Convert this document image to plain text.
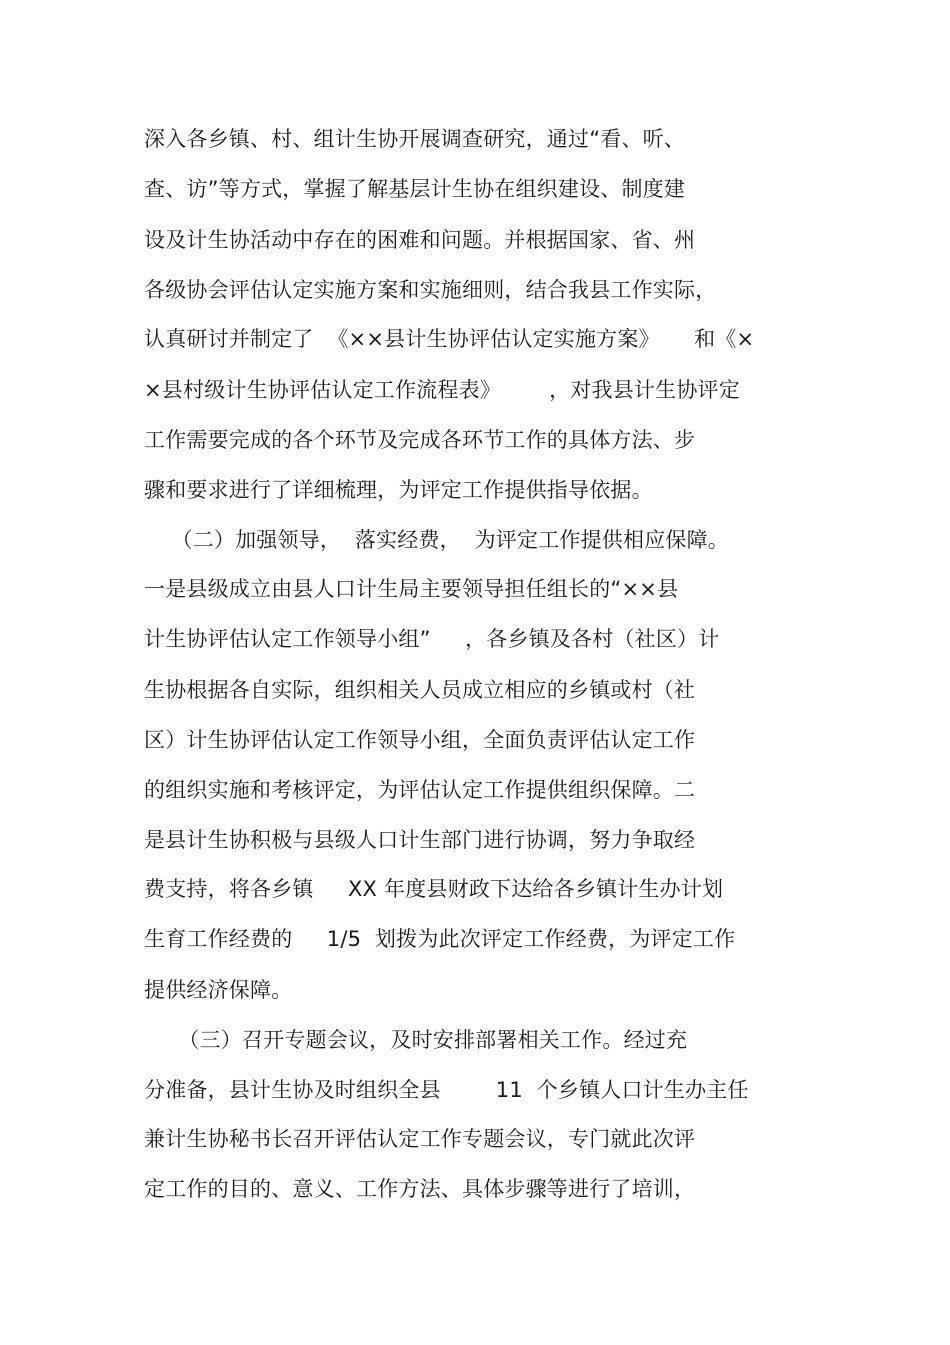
深入各乡镇、村、组计生协开展调查研究，通过“看、听、
查、访”等方式，掌握了解基层计生协在组织建设、制度建
设及计生协活动中存在的困难和问题。并根据国家、省、州
各级协会评估认定实施方案和实施细则，结合我县工作实际，
认真研讨并制定了  《××县计生协评估认定实施方案》     和《×
×县村级计生协评估认定工作流程表》       ，对我县计生协评定
工作需要完成的各个环节及完成各环节工作的具体方法、步
骤和要求进行了详细梳理，为评定工作提供指导依据。
（二）加强领导，  落实经费，  为评定工作提供相应保障。
一是县级成立由县人口计生局主要领导担任组长的“××县
计生协评估认定工作领导小组”     ，各乡镇及各村（社区）计
生协根据各自实际，组织相关人员成立相应的乡镇或村（社
区）计生协评估认定工作领导小组，全面负责评估认定工作
的组织实施和考核评定，为评估认定工作提供组织保障。二
是县计生协积极与县级人口计生部门进行协调，努力争取经
费支持，将各乡镇     XX 年度县财政下达给各乡镇计生办计划
生育工作经费的     1/5  划拨为此次评定工作经费，为评定工作
提供经济保障。
（三）召开专题会议，及时安排部署相关工作。经过充
分准备，县计生协及时组织全县        11  个乡镇人口计生办主任
兼计生协秘书长召开评估认定工作专题会议，专门就此次评
定工作的目的、意义、工作方法、具体步骤等进行了培训，
